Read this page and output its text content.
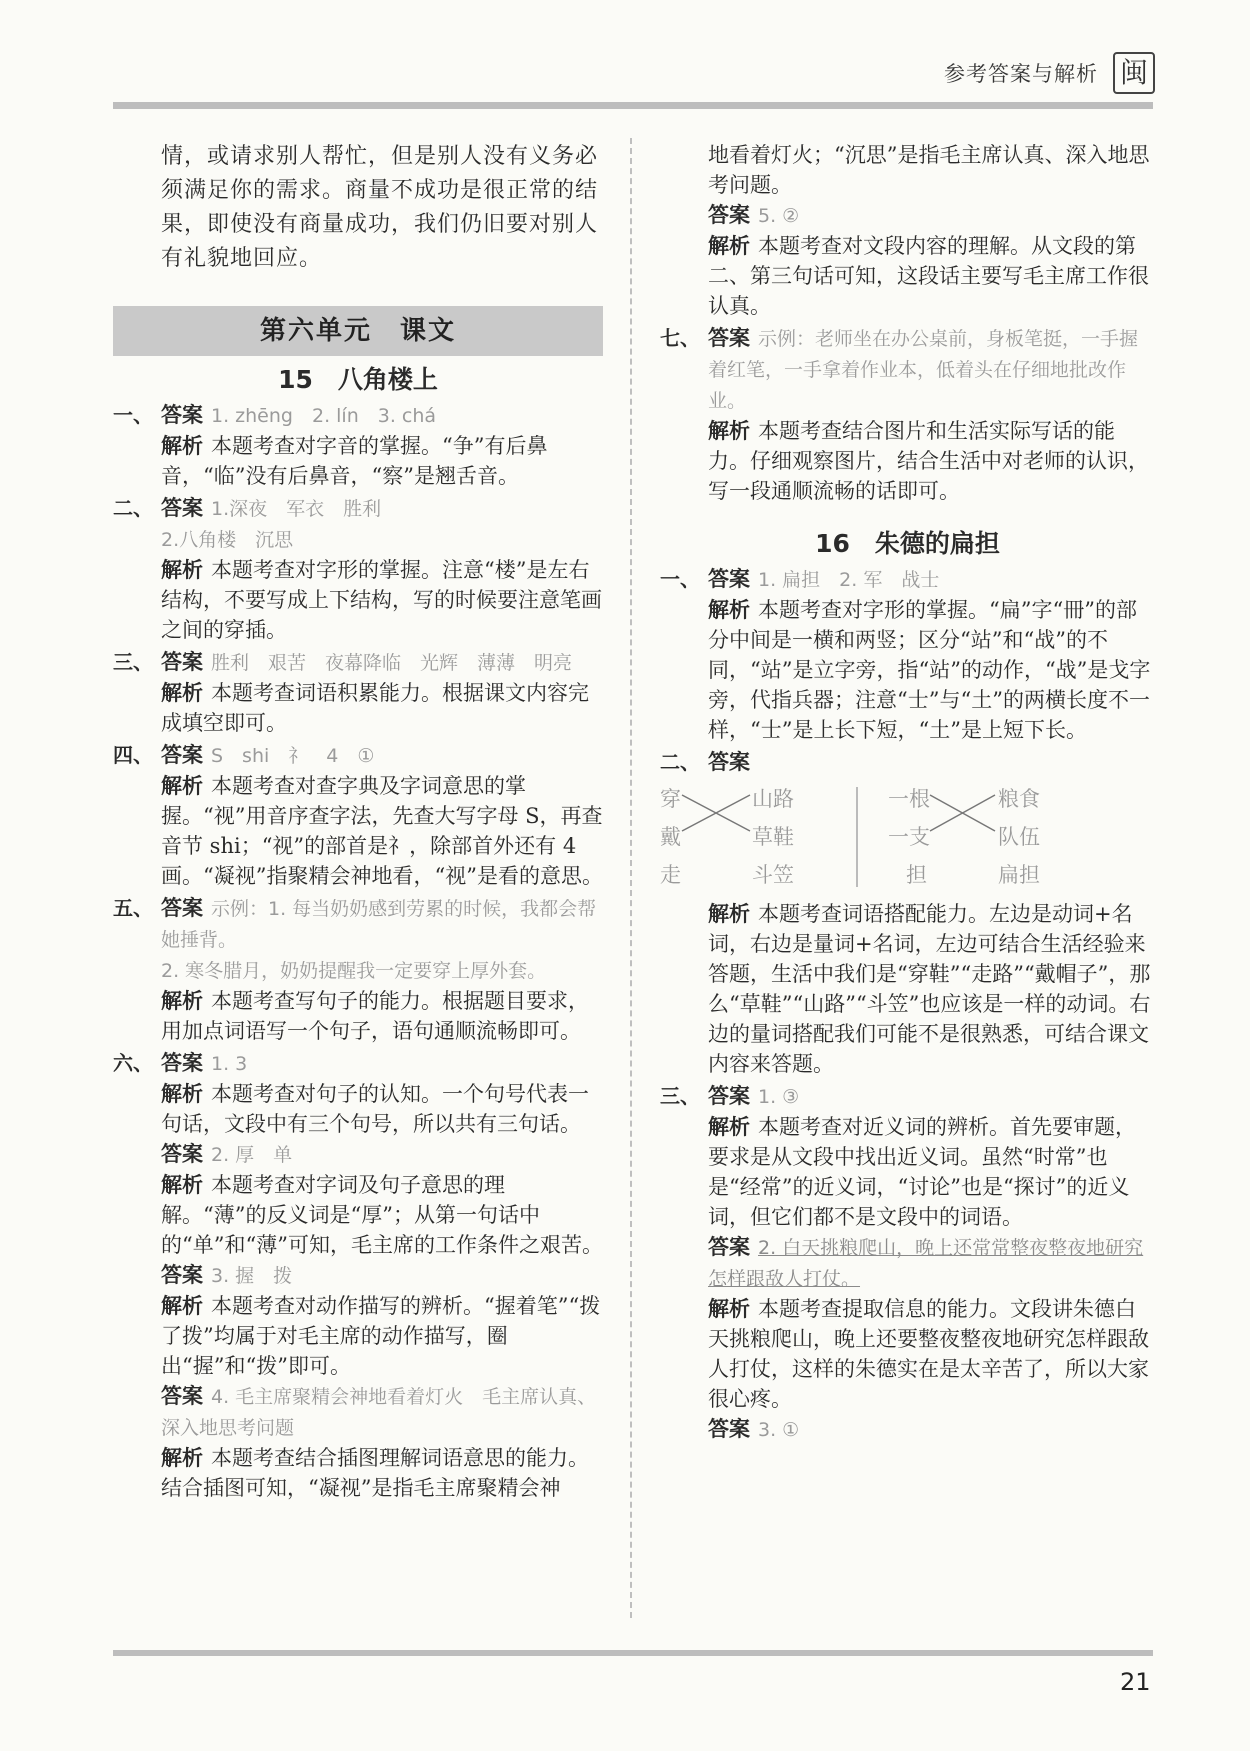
参考答案与解析 闽

情，或请求别人帮忙，但是别人没有义务必须满足你的需求。商量不成功是很正常的结果，即使没有商量成功，我们仍旧要对别人有礼貌地回应。

第六单元　课文
15　八角楼上
一、 答案 1. zhēng　2. lín　3. chá

解析 本题考查对字音的掌握。“争”有后鼻音，“临”没有后鼻音，“察”是翘舌音。

二、 答案 1.深夜　军衣　胜利

2.八角楼　沉思

解析 本题考查对字形的掌握。注意“楼”是左右结构，不要写成上下结构，写的时候要注意笔画之间的穿插。

三、 答案 胜利　艰苦　夜幕降临　光辉　薄薄　明亮

解析 本题考查词语积累能力。根据课文内容完成填空即可。

四、 答案 S　shi　礻　4　①

解析 本题考查对查字典及字词意思的掌握。“视”用音序查字法，先查大写字母 S，再查音节 shi；“视”的部首是礻，除部首外还有 4 画。“凝视”指聚精会神地看，“视”是看的意思。

五、 答案 示例：1. 每当奶奶感到劳累的时候，我都会帮她捶背。

2. 寒冬腊月，奶奶提醒我一定要穿上厚外套。

解析 本题考查写句子的能力。根据题目要求，用加点词语写一个句子，语句通顺流畅即可。

六、 答案 1. 3

解析 本题考查对句子的认知。一个句号代表一句话，文段中有三个句号，所以共有三句话。

答案 2. 厚　单

解析 本题考查对字词及句子意思的理解。“薄”的反义词是“厚”；从第一句话中的“单”和“薄”可知，毛主席的工作条件之艰苦。

答案 3. 握　拨

解析 本题考查对动作描写的辨析。“握着笔”“拨了拨”均属于对毛主席的动作描写，圈出“握”和“拨”即可。

答案 4. 毛主席聚精会神地看着灯火　毛主席认真、深入地思考问题

解析 本题考查结合插图理解词语意思的能力。结合插图可知，“凝视”是指毛主席聚精会神

地看着灯火；“沉思”是指毛主席认真、深入地思考问题。

答案 5. ②

解析 本题考查对文段内容的理解。从文段的第二、第三句话可知，这段话主要写毛主席工作很认真。

七、 答案 示例：老师坐在办公桌前，身板笔挺，一手握着红笔，一手拿着作业本，低着头在仔细地批改作业。

解析 本题考查结合图片和生活实际写话的能力。仔细观察图片，结合生活中对老师的认识，写一段通顺流畅的话即可。

16　朱德的扁担
一、 答案 1. 扁担　2. 军　战士

解析 本题考查对字形的掌握。“扁”字“冊”的部分中间是一横和两竖；区分“站”和“战”的不同，“站”是立字旁，指“站”的动作，“战”是戈字旁，代指兵器；注意“士”与“土”的两横长度不一样，“士”是上长下短，“土”是上短下长。

二、 答案

穿
戴
走
山路
草鞋
斗笠
一根
一支
担
粮食
队伍
扁担

解析 本题考查词语搭配能力。左边是动词+名词，右边是量词+名词，左边可结合生活经验来答题，生活中我们是“穿鞋”“走路”“戴帽子”，那么“草鞋”“山路”“斗笠”也应该是一样的动词。右边的量词搭配我们可能不是很熟悉，可结合课文内容来答题。

三、 答案 1. ③

解析 本题考查对近义词的辨析。首先要审题，要求是从文段中找出近义词。虽然“时常”也是“经常”的近义词，“讨论”也是“探讨”的近义词，但它们都不是文段中的词语。

答案 2. 白天挑粮爬山，晚上还常常整夜整夜地研究怎样跟敌人打仗。

解析 本题考查提取信息的能力。文段讲朱德白天挑粮爬山，晚上还要整夜整夜地研究怎样跟敌人打仗，这样的朱德实在是太辛苦了，所以大家很心疼。

答案 3. ①

21
